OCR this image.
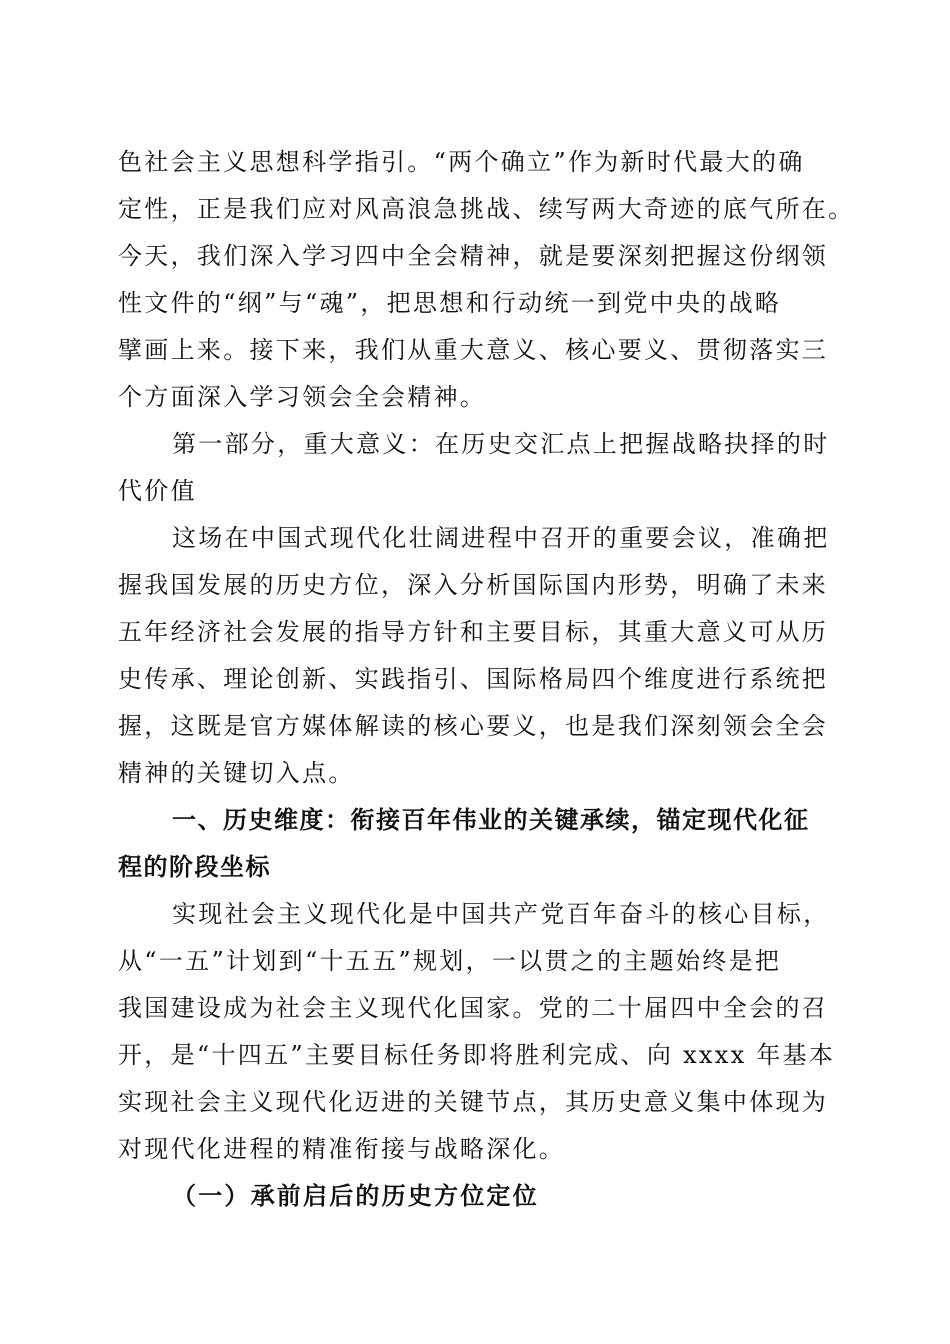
色社会主义思想科学指引。“两个确立”作为新时代最大的确
定性，正是我们应对风高浪急挑战、续写两大奇迹的底气所在。
今天，我们深入学习四中全会精神，就是要深刻把握这份纲领
性文件的“纲”与“魂”，把思想和行动统一到党中央的战略
擘画上来。接下来，我们从重大意义、核心要义、贯彻落实三
个方面深入学习领会全会精神。
第一部分，重大意义：在历史交汇点上把握战略抉择的时
代价值
这场在中国式现代化壮阔进程中召开的重要会议，准确把
握我国发展的历史方位，深入分析国际国内形势，明确了未来
五年经济社会发展的指导方针和主要目标，其重大意义可从历
史传承、理论创新、实践指引、国际格局四个维度进行系统把
握，这既是官方媒体解读的核心要义，也是我们深刻领会全会
精神的关键切入点。
一、历史维度：衔接百年伟业的关键承续，锚定现代化征
程的阶段坐标
实现社会主义现代化是中国共产党百年奋斗的核心目标，
从“一五”计划到“十五五”规划，一以贯之的主题始终是把
我国建设成为社会主义现代化国家。党的二十届四中全会的召
开，是“十四五”主要目标任务即将胜利完成、向 xxxx 年基本
实现社会主义现代化迈进的关键节点，其历史意义集中体现为
对现代化进程的精准衔接与战略深化。
（一）承前启后的历史方位定位
